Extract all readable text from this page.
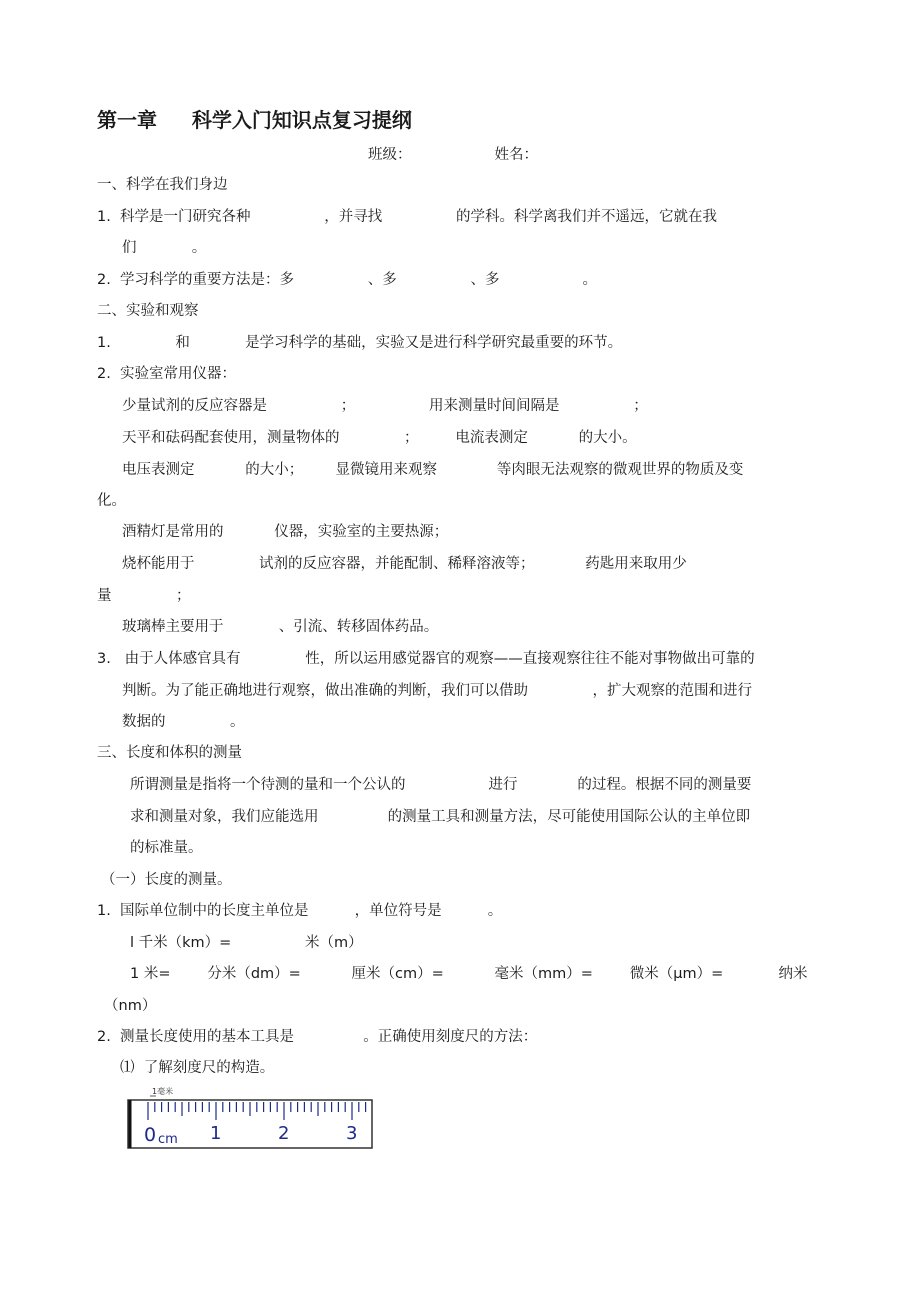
第一章     科学入门知识点复习提纲
班级：                  姓名：
一、科学在我们身边
1.  科学是一门研究各种                ，并寻找                的学科。科学离我们并不遥远，它就在我
们            。
2.  学习科学的重要方法是：多                、多                、多                  。
二、实验和观察
1.              和            是学习科学的基础，实验又是进行科学研究最重要的环节。
2.  实验室常用仪器：
少量试剂的反应容器是                ；                用来测量时间间隔是                ；
天平和砝码配套使用，测量物体的              ；        电流表测定           的大小。
电压表测定           的大小；       显微镜用来观察             等肉眼无法观察的微观世界的物质及变
化。
酒精灯是常用的           仪器，实验室的主要热源；
烧杯能用于              试剂的反应容器，并能配制、稀释溶液等；           药匙用来取用少
量              ；
玻璃棒主要用于            、引流、转移固体药品。
3.   由于人体感官具有              性，所以运用感觉器官的观察——直接观察往往不能对事物做出可靠的
判断。为了能正确地进行观察，做出准确的判断，我们可以借助              ，扩大观察的范围和进行
数据的              。
三、长度和体积的测量
所谓测量是指将一个待测的量和一个公认的                  进行             的过程。根据不同的测量要
求和测量对象，我们应能选用               的测量工具和测量方法，尽可能使用国际公认的主单位即
的标准量。
（一）长度的测量。
1.  国际单位制中的长度主单位是          ，单位符号是          。
l 千米（km）=                米（m）
1 米=        分米（dm）=           厘米（cm）=           毫米（mm）=        微米（μm）=            纳米
（nm）
2.  测量长度使用的基本工具是               。正确使用刻度尺的方法：
⑴  了解刻度尺的构造。
1毫米
0 cm 1	2	3
